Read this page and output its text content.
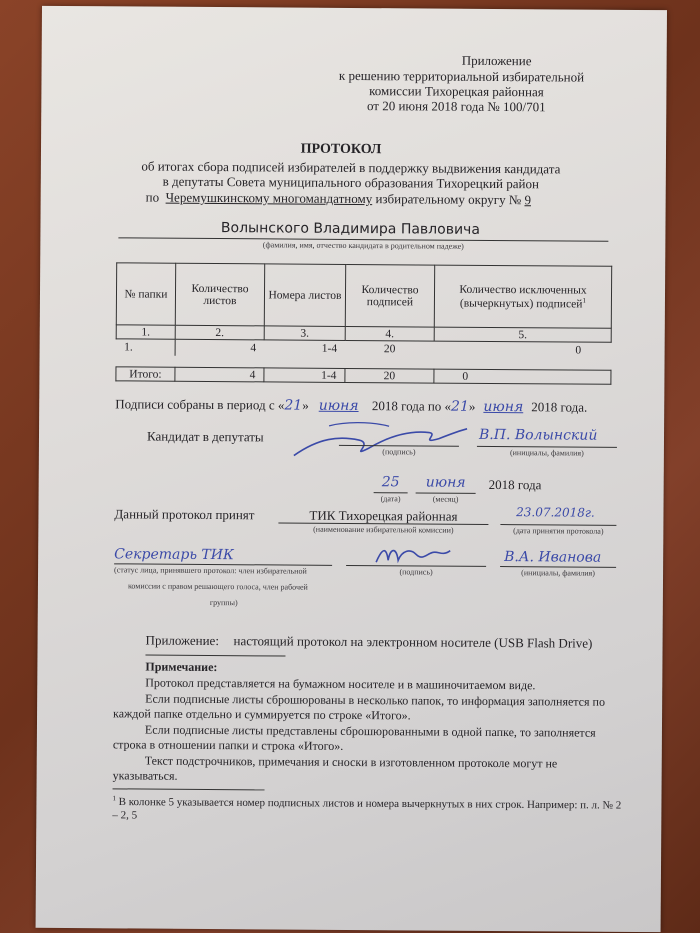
Приложение
к решению территориальной избирательной
комиссии Тихорецкая районная
от 20 июня 2018 года № 100/701
ПРОТОКОЛ
об итогах сбора подписей избирателей в поддержку выдвижения кандидата
в депутаты Совета муниципального образования Тихорецкий район
по Черемушкинскому многомандатному избирательному округу № 9
Волынского Владимира Павловича
(фамилия, имя, отчество кандидата в родительном падеже)
№ папки	Количество листов	Номера листов	Количество подписей	Количество исключенных (вычеркнутых) подписей$^1$
1.	2.	3.	4.	5.
1.	4	1-4	20	0

Итого:	4	1-4	20	0
Подписи собраны в период с «21» июня 2018 года по «21» июня 2018 года.
Кандидат в депутаты
(подпись)
В.П. Волынский
(инициалы, фамилия)
25
(дата)
июня
(месяц)
2018 года
Данный протокол принят	ТИК Тихорецкая районная
(наименование избирательной комиссии)
23.07.2018г.
(дата принятия протокола)
Секретарь ТИК
(статус лица, принявшего протокол: член избирательной
комиссии с правом решающего голоса, член рабочей
группы)
(подпись)
В.А. Иванова
(инициалы, фамилия)
Приложение: настоящий протокол на электронном носителе (USB Flash Drive)
Примечание:
Протокол представляется на бумажном носителе и в машиночитаемом виде.
Если подписные листы сброшюрованы в несколько папок, то информация заполняется по
каждой папке отдельно и суммируется по строке «Итого».
Если подписные листы представлены сброшюрованными в одной папке, то заполняется
строка в отношении папки и строка «Итого».
Текст подстрочников, примечания и сноски в изготовленном протоколе могут не
указываться.
$^1$ В колонке 5 указывается номер подписных листов и номера вычеркнутых в них строк. Например: п. л. № 2
– 2, 5
